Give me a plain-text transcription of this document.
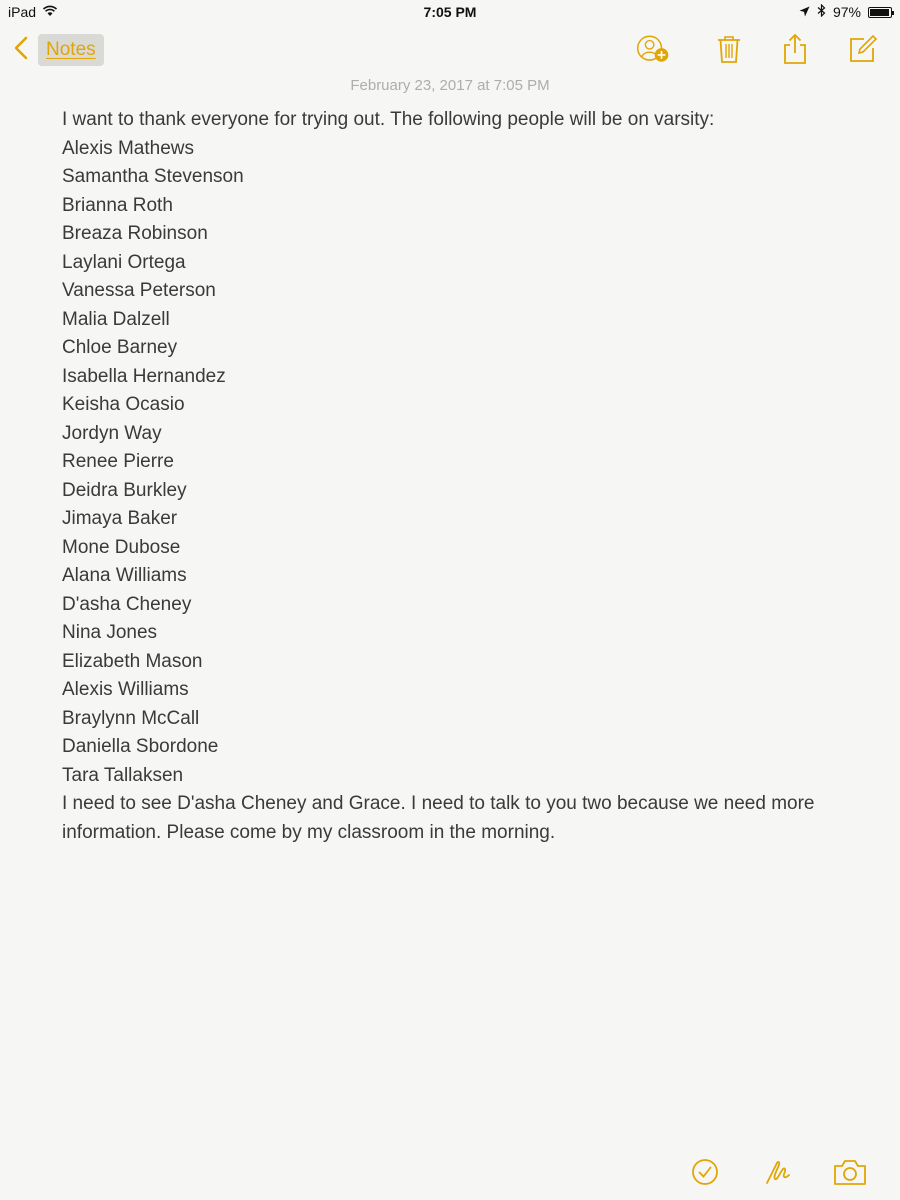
iPad	7:05 PM	97%
Notes
February 23, 2017 at 7:05 PM
I want to thank everyone for trying out. The following people will be on varsity:
Alexis Mathews
Samantha Stevenson
Brianna Roth
Breaza Robinson
Laylani Ortega
Vanessa Peterson
Malia Dalzell
Chloe Barney
Isabella Hernandez
Keisha Ocasio
Jordyn Way
Renee Pierre
Deidra Burkley
Jimaya Baker
Mone Dubose
Alana Williams
D'asha Cheney
Nina Jones
Elizabeth Mason
Alexis Williams
Braylynn McCall
Daniella Sbordone
Tara Tallaksen
I need to see D'asha Cheney and Grace. I need to talk to you two because we need more information. Please come by my classroom in the morning.
